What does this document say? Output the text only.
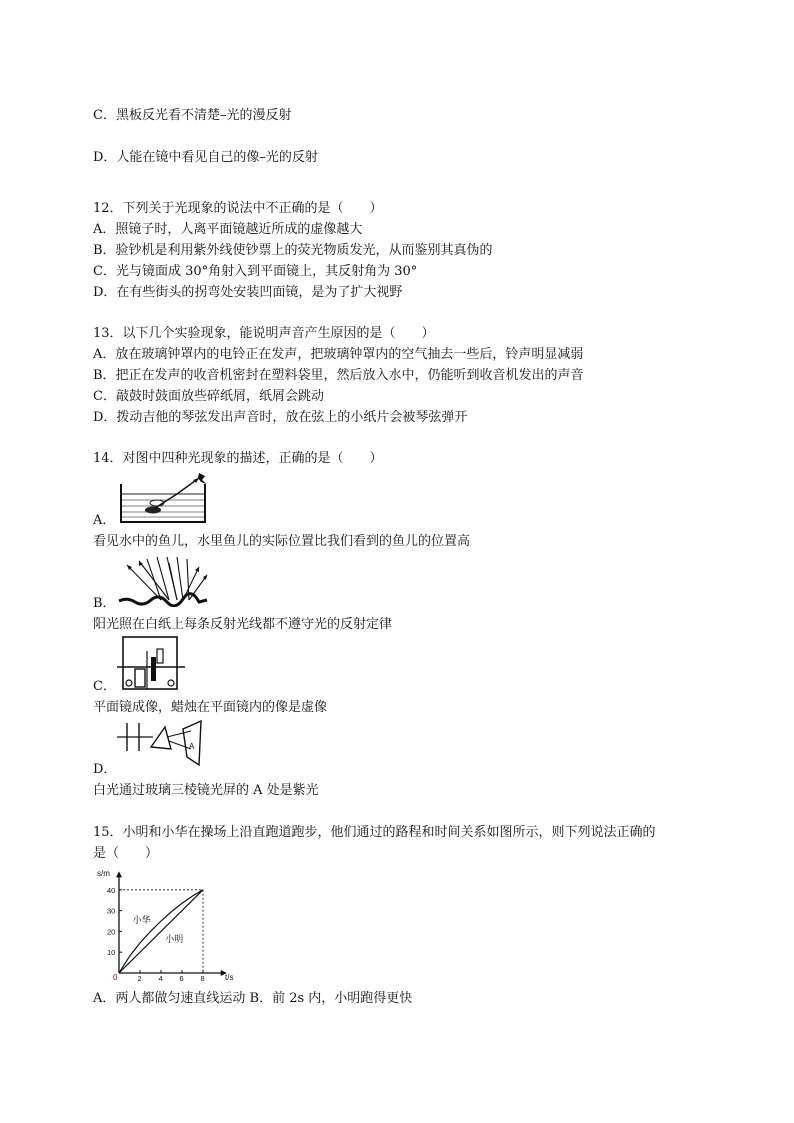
C．黑板反光看不清楚–光的漫反射
D．人能在镜中看见自己的像–光的反射
12．下列关于光现象的说法中不正确的是（　　）
A．照镜子时，人离平面镜越近所成的虚像越大
B．验钞机是利用紫外线使钞票上的荧光物质发光，从而鉴别其真伪的
C．光与镜面成 30°角射入到平面镜上，其反射角为 30°
D．在有些街头的拐弯处安装凹面镜，是为了扩大视野
13．以下几个实验现象，能说明声音产生原因的是（　　）
A．放在玻璃钟罩内的电铃正在发声，把玻璃钟罩内的空气抽去一些后，铃声明显减弱
B．把正在发声的收音机密封在塑料袋里，然后放入水中，仍能听到收音机发出的声音
C．敲鼓时鼓面放些碎纸屑，纸屑会跳动
D．拨动吉他的琴弦发出声音时，放在弦上的小纸片会被琴弦弹开
14．对图中四种光现象的描述，正确的是（　　）
A．
看见水中的鱼儿，水里鱼儿的实际位置比我们看到的鱼儿的位置高
B．
阳光照在白纸上每条反射光线都不遵守光的反射定律
C．
平面镜成像，蜡烛在平面镜内的像是虚像
A
D．
白光通过玻璃三棱镜光屏的 A 处是紫光
15．小明和小华在操场上沿直跑道跑步，他们通过的路程和时间关系如图所示，则下列说法正确的
是（　　）
s/m
t/s
0	2 4 6 8
10
20
30
40
小华
小明
A．两人都做匀速直线运动 B．前 2s 内，小明跑得更快
